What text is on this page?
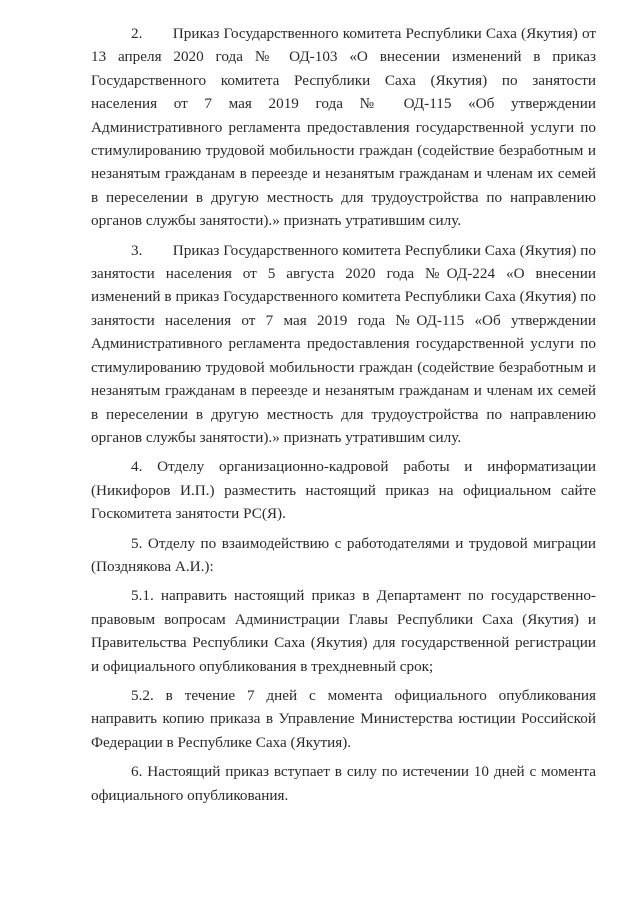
2.  Приказ Государственного комитета Республики Саха (Якутия) от 13 апреля 2020 года № ОД-103 «О внесении изменений в приказ Государственного комитета Республики Саха (Якутия) по занятости населения от 7 мая 2019 года № ОД-115 «Об утверждении Административного регламента предоставления государственной услуги по стимулированию трудовой мобильности граждан (содействие безработным и незанятым гражданам в переезде и незанятым гражданам и членам их семей в переселении в другую местность для трудоустройства по направлению органов службы занятости).» признать утратившим силу.

3.  Приказ Государственного комитета Республики Саха (Якутия) по занятости населения от 5 августа 2020 года №ОД-224 «О внесении изменений в приказ Государственного комитета Республики Саха (Якутия) по занятости населения от 7 мая 2019 года №ОД-115 «Об утверждении Административного регламента предоставления государственной услуги по стимулированию трудовой мобильности граждан (содействие безработным и незанятым гражданам в переезде и незанятым гражданам и членам их семей в переселении в другую местность для трудоустройства по направлению органов службы занятости).» признать утратившим силу.

4. Отделу организационно-кадровой работы и информатизации (Никифоров И.П.) разместить настоящий приказ на официальном сайте Госкомитета занятости РС(Я).

5. Отделу по взаимодействию с работодателями и трудовой миграции (Позднякова А.И.):

5.1. направить настоящий приказ в Департамент по государственно-правовым вопросам Администрации Главы Республики Саха (Якутия) и Правительства Республики Саха (Якутия) для государственной регистрации и официального опубликования в трехдневный срок;

5.2. в течение 7 дней с момента официального опубликования направить копию приказа в Управление Министерства юстиции Российской Федерации в Республике Саха (Якутия).

6. Настоящий приказ вступает в силу по истечении 10 дней с момента официального опубликования.
